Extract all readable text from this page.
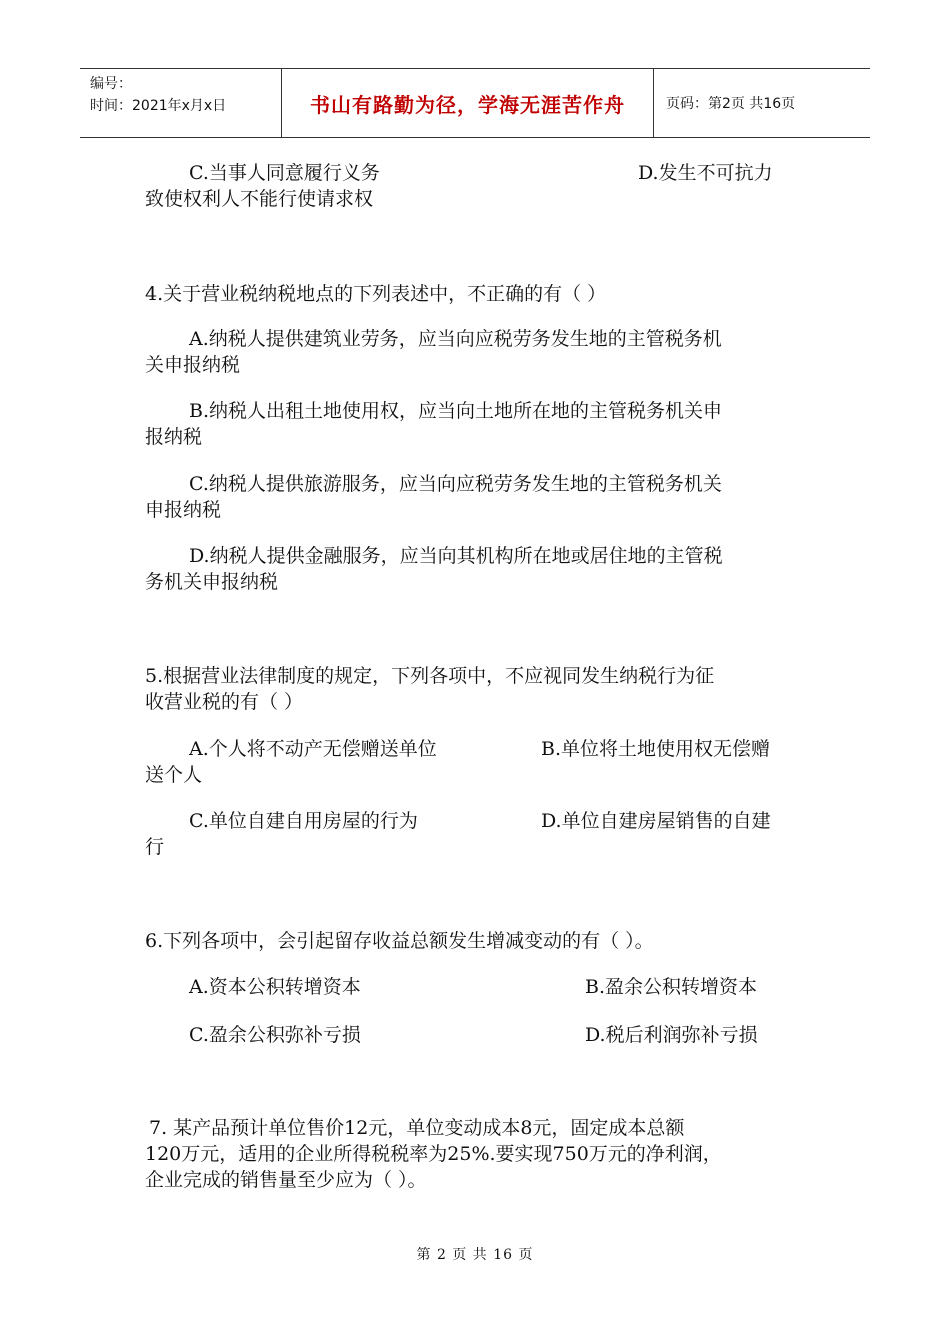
编号：
时间：2021年x月x日	书山有路勤为径，学海无涯苦作舟	页码：第2页 共16页
C.当事人同意履行义务	D.发生不可抗力
致使权利人不能行使请求权
4.关于营业税纳税地点的下列表述中，不正确的有（ ）
A.纳税人提供建筑业劳务，应当向应税劳务发生地的主管税务机
关申报纳税
B.纳税人出租土地使用权，应当向土地所在地的主管税务机关申
报纳税
C.纳税人提供旅游服务，应当向应税劳务发生地的主管税务机关
申报纳税
D.纳税人提供金融服务，应当向其机构所在地或居住地的主管税
务机关申报纳税
5.根据营业法律制度的规定，下列各项中，不应视同发生纳税行为征
收营业税的有（ ）
A.个人将不动产无偿赠送单位	B.单位将土地使用权无偿赠
送个人
C.单位自建自用房屋的行为	D.单位自建房屋销售的自建
行
6.下列各项中，会引起留存收益总额发生增减变动的有（ ）。
A.资本公积转增资本	B.盈余公积转增资本
C.盈余公积弥补亏损	D.税后利润弥补亏损
7. 某产品预计单位售价12元，单位变动成本8元，固定成本总额
120万元，适用的企业所得税税率为25%.要实现750万元的净利润，
企业完成的销售量至少应为（ ）。
第 2 页 共 16 页
